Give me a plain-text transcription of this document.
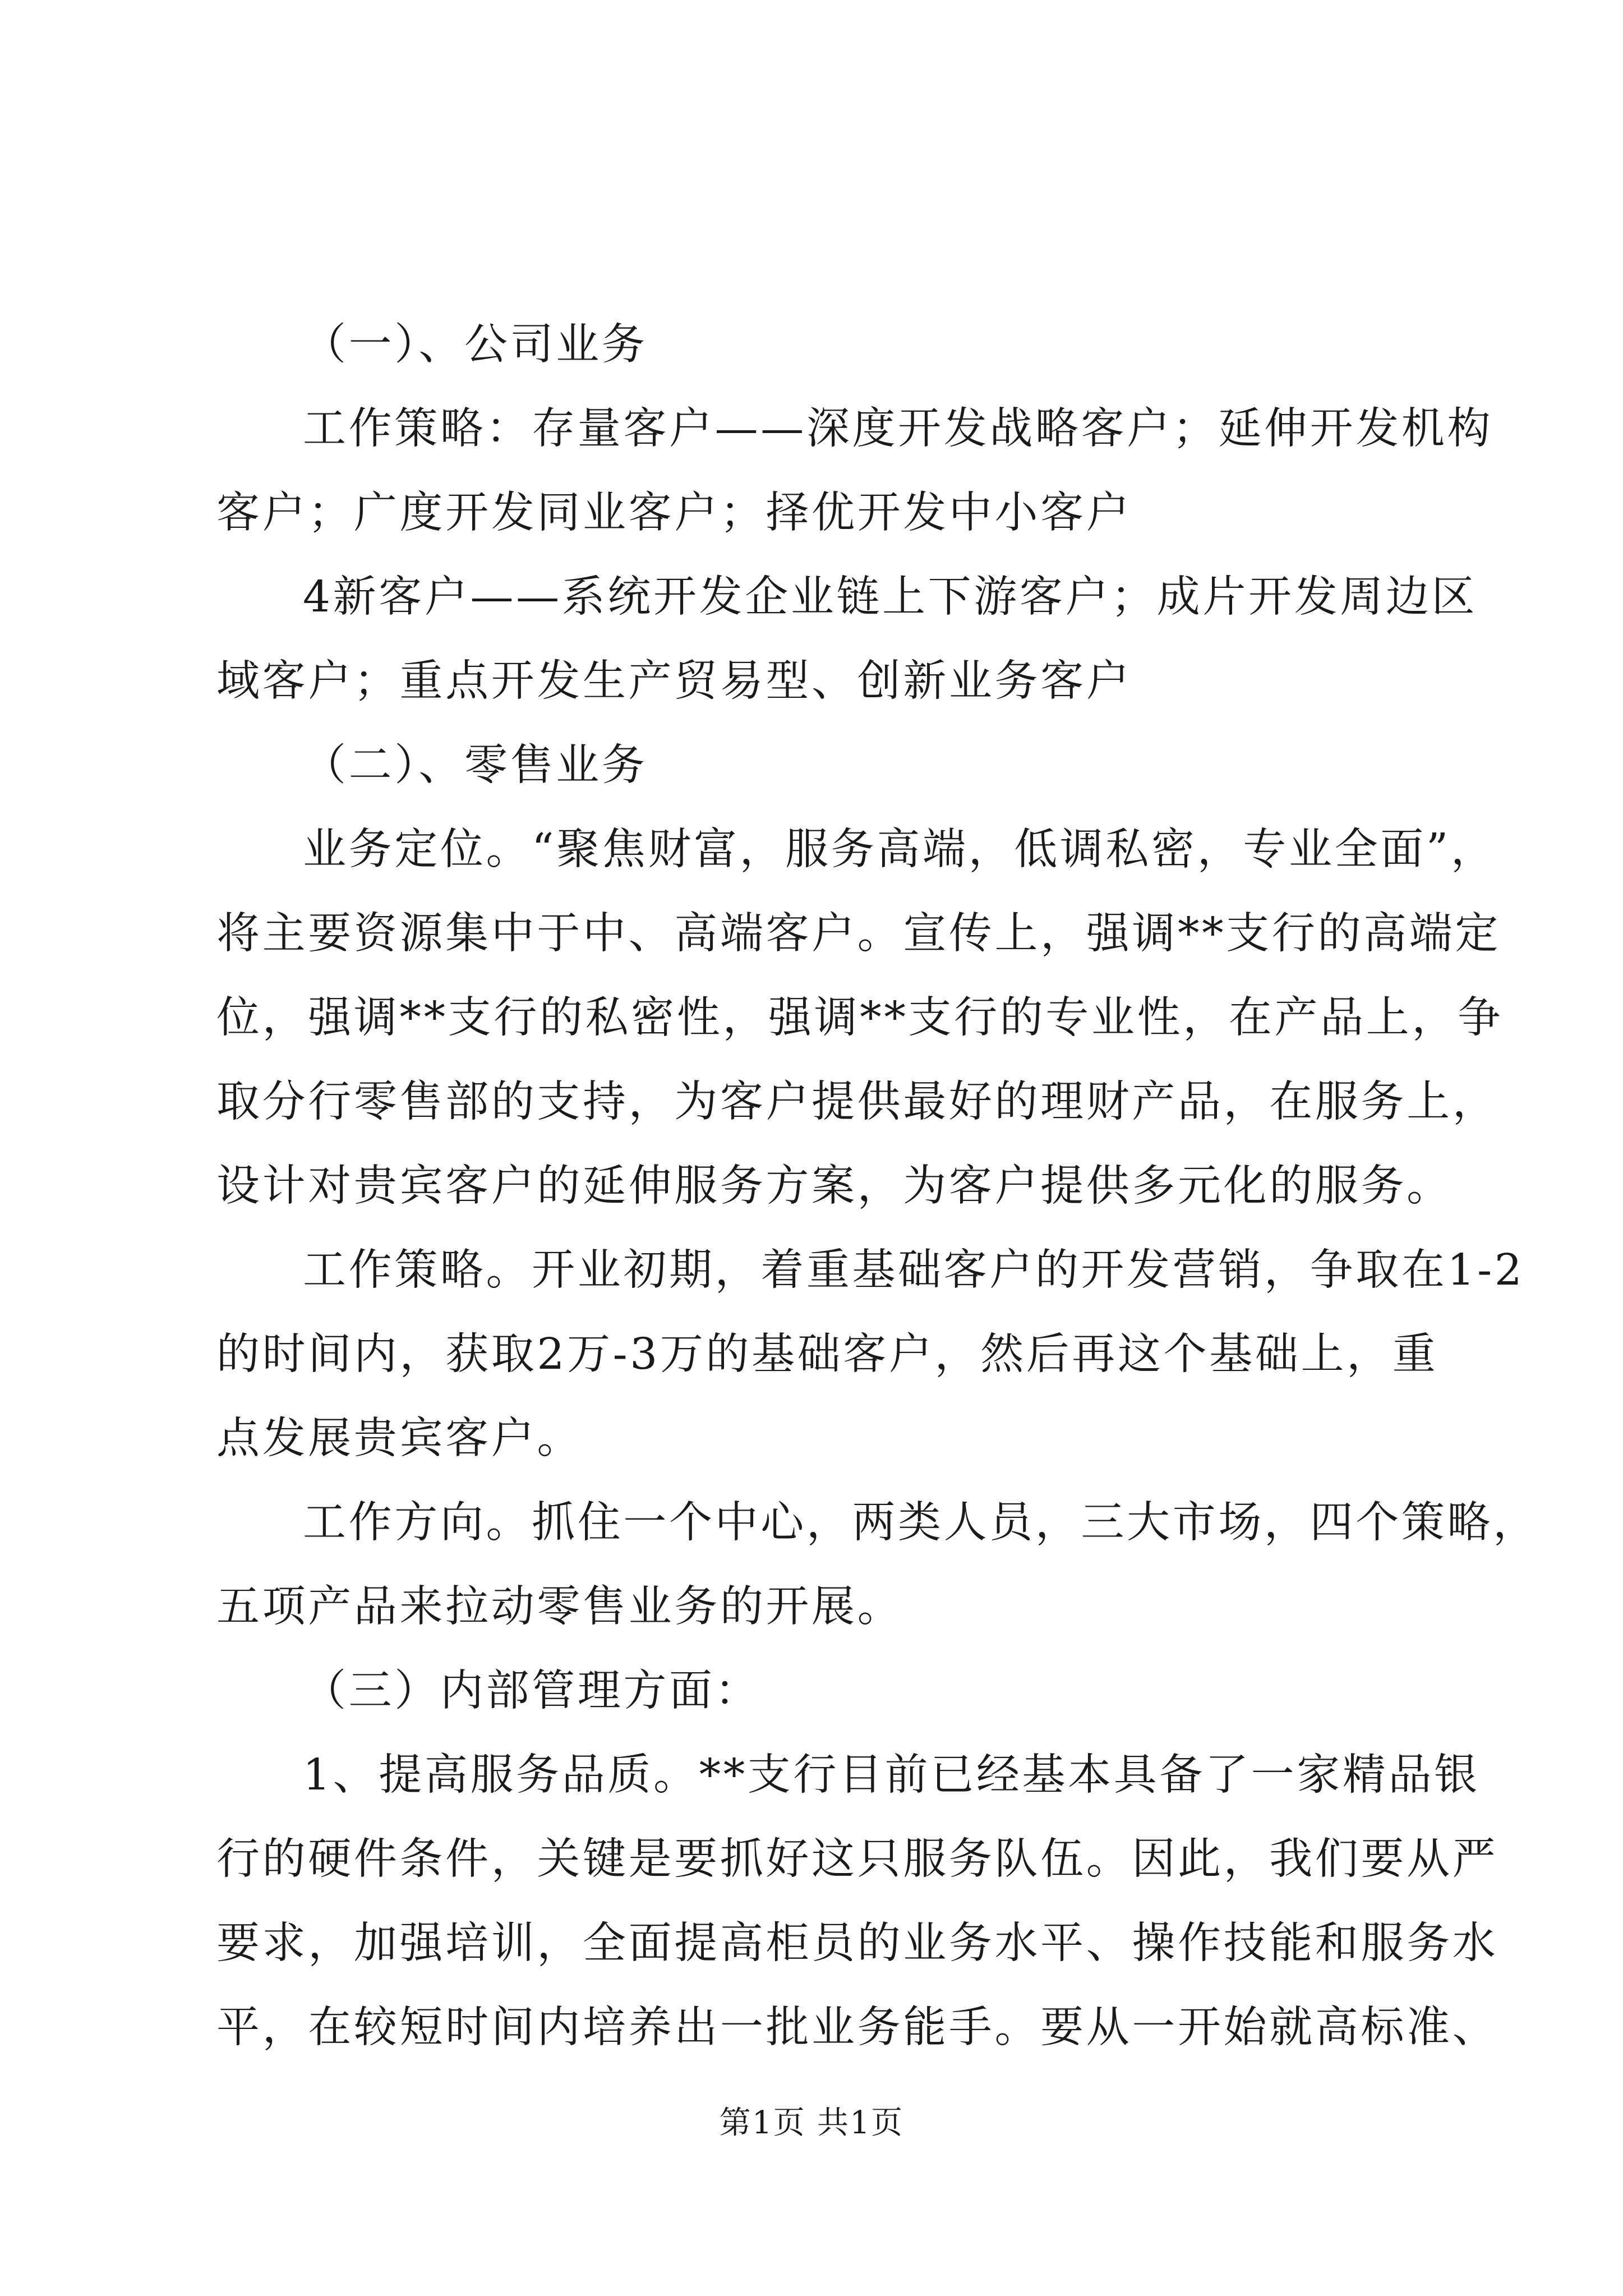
（一）、公司业务
工作策略：存量客户——深度开发战略客户；延伸开发机构
客户；广度开发同业客户；择优开发中小客户
4新客户——系统开发企业链上下游客户；成片开发周边区
域客户；重点开发生产贸易型、创新业务客户
（二）、零售业务
业务定位。“聚焦财富，服务高端，低调私密，专业全面”，
将主要资源集中于中、高端客户。宣传上，强调**支行的高端定
位，强调**支行的私密性，强调**支行的专业性，在产品上，争
取分行零售部的支持，为客户提供最好的理财产品，在服务上，
设计对贵宾客户的延伸服务方案，为客户提供多元化的服务。
工作策略。开业初期，着重基础客户的开发营销，争取在1-2
的时间内，获取2万-3万的基础客户，然后再这个基础上，重
点发展贵宾客户。
工作方向。抓住一个中心，两类人员，三大市场，四个策略，
五项产品来拉动零售业务的开展。
（三）内部管理方面：
1、提高服务品质。**支行目前已经基本具备了一家精品银
行的硬件条件，关键是要抓好这只服务队伍。因此，我们要从严
要求，加强培训，全面提高柜员的业务水平、操作技能和服务水
平，在较短时间内培养出一批业务能手。要从一开始就高标准、
第1页 共1页
